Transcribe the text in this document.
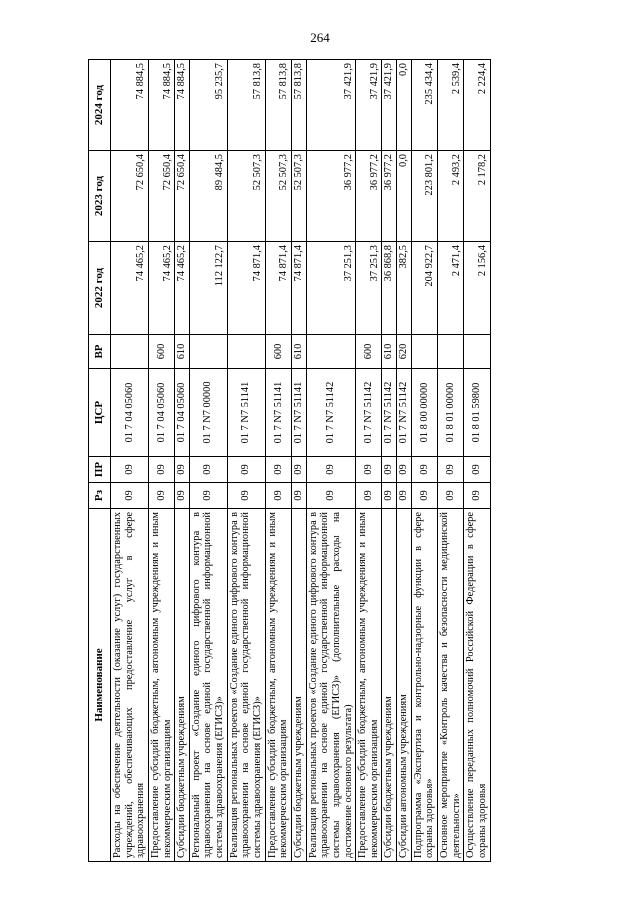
264
Наименование	Рз	ПР	ЦСР	ВР	2022 год	2023 год	2024 год
Расходы на обеспечение деятельности (оказание услуг) государственных учреждений, обеспечивающих предоставление услуг в сфере здравоохранения	09	09	01 7 04 05060		74 465,2	72 650,4	74 884,5
Предоставление субсидий бюджетным, автономным учреждениям и иным некоммерческим организациям	09	09	01 7 04 05060	600	74 465,2	72 650,4	74 884,5
Субсидии бюджетным учреждениям	09	09	01 7 04 05060	610	74 465,2	72 650,4	74 884,5
Региональный проект «Создание единого цифрового контура в здравоохранении на основе единой государственной информационной системы здравоохранения (ЕГИСЗ)»	09	09	01 7 N7 00000		112 122,7	89 484,5	95 235,7
Реализация региональных проектов «Создание единого цифрового контура в здравоохранении на основе единой государственной информационной системы здравоохранения (ЕГИСЗ)»	09	09	01 7 N7 51141		74 871,4	52 507,3	57 813,8
Предоставление субсидий бюджетным, автономным учреждениям и иным некоммерческим организациям	09	09	01 7 N7 51141	600	74 871,4	52 507,3	57 813,8
Субсидии бюджетным учреждениям	09	09	01 7 N7 51141	610	74 871,4	52 507,3	57 813,8
Реализация региональных проектов «Создание единого цифрового контура в здравоохранении на основе единой государственной информационной системы здравоохранения (ЕГИСЗ)» (дополнительные расходы на достижение основного результата)	09	09	01 7 N7 51142		37 251,3	36 977,2	37 421,9
Предоставление субсидий бюджетным, автономным учреждениям и иным некоммерческим организациям	09	09	01 7 N7 51142	600	37 251,3	36 977,2	37 421,9
Субсидии бюджетным учреждениям	09	09	01 7 N7 51142	610	36 868,8	36 977,2	37 421,9
Субсидии автономным учреждениям	09	09	01 7 N7 51142	620	382,5	0,0	0,0
Подпрограмма «Экспертиза и контрольно-надзорные функции в сфере охраны здоровья»	09	09	01 8 00 00000		204 922,7	223 801,2	235 434,4
Основное мероприятие «Контроль качества и безопасности медицинской деятельности»	09	09	01 8 01 00000		2 471,4	2 493,2	2 539,4
Осуществление переданных полномочий Российской Федерации в сфере охраны здоровья	09	09	01 8 01 59800		2 156,4	2 178,2	2 224,4
